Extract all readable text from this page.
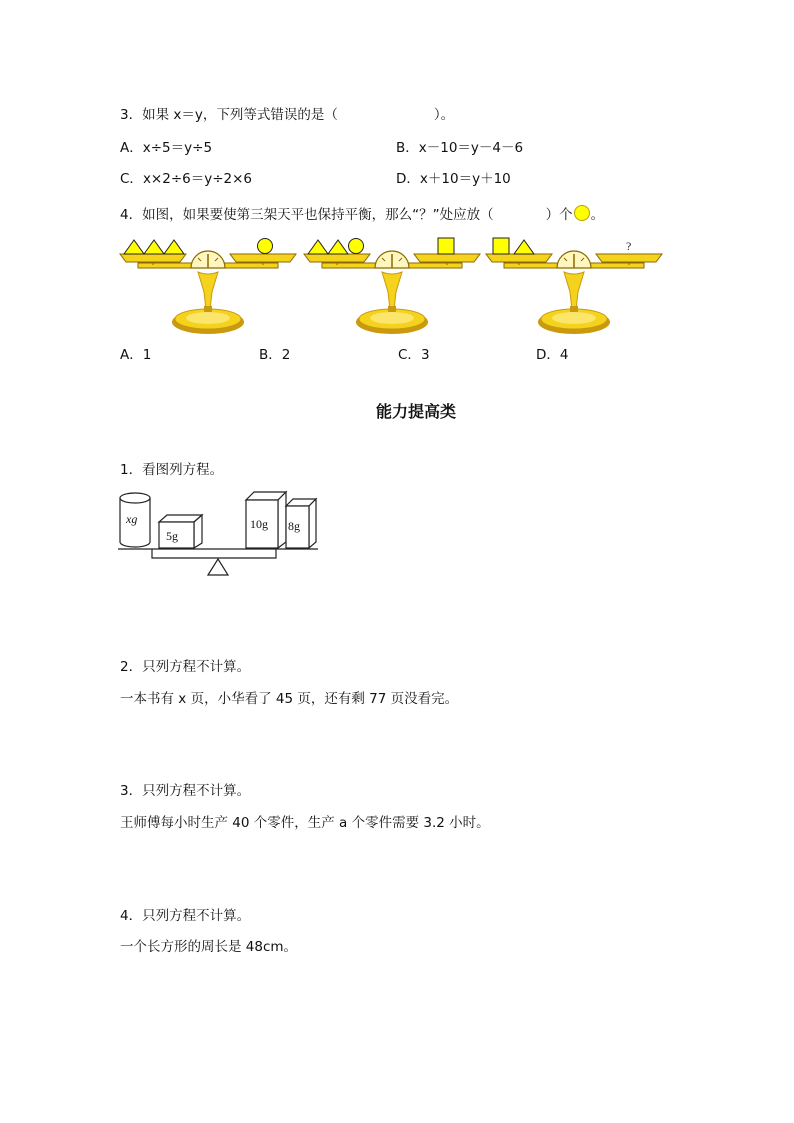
3．如果 x＝y，下列等式错误的是（	）。
A．x÷5＝y÷5	B．x－10＝y－4－6
C．x×2÷6＝y÷2×6	D．x＋10＝y＋10
4．如图，如果要使第三架天平也保持平衡，那么“？”处应放（	）个 。
?
A．1	B．2	C．3	D．4
能力提高类
1．看图列方程。
xg
5g
10g 8g
2．只列方程不计算。
一本书有 x 页，小华看了 45 页，还有剩 77 页没看完。
3．只列方程不计算。
王师傅每小时生产 40 个零件，生产 a 个零件需要 3.2 小时。
4．只列方程不计算。
一个长方形的周长是 48cm。
